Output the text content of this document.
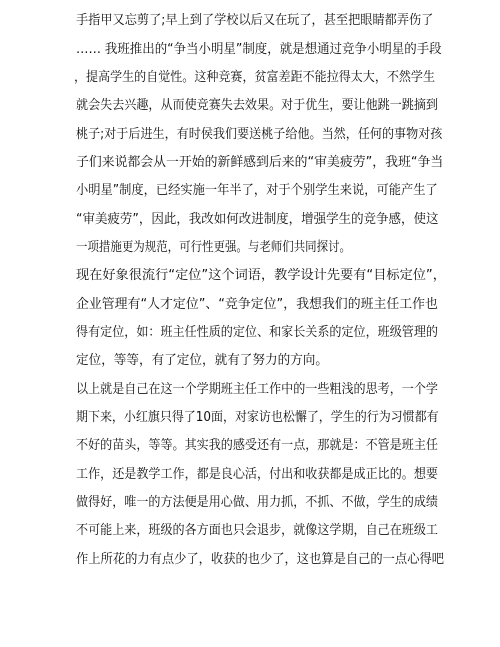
手指甲又忘剪了;早上到了学校以后又在玩了，甚至把眼睛都弄伤了
…… 我班推出的“争当小明星”制度，就是想通过竞争小明星的手段
，提高学生的自觉性。这种竞赛，贫富差距不能拉得太大，不然学生
就会失去兴趣，从而使竞赛失去效果。对于优生，要让他跳一跳摘到
桃子;对于后进生，有时侯我们要送桃子给他。当然，任何的事物对孩
子们来说都会从一开始的新鲜感到后来的“审美疲劳”，我班“争当
小明星”制度，已经实施一年半了，对于个别学生来说，可能产生了
“审美疲劳”，因此，我改如何改进制度，增强学生的竞争感，使这
一项措施更为规范，可行性更强。与老师们共同探讨。
现在好象很流行“定位”这个词语，教学设计先要有“目标定位”，
企业管理有“人才定位”、“竞争定位”，我想我们的班主任工作也
得有定位，如：班主任性质的定位、和家长关系的定位，班级管理的
定位，等等，有了定位，就有了努力的方向。
以上就是自己在这一个学期班主任工作中的一些粗浅的思考，一个学
期下来，小红旗只得了10面，对家访也松懈了，学生的行为习惯都有
不好的苗头，等等。其实我的感受还有一点，那就是：不管是班主任
工作，还是教学工作，都是良心活，付出和收获都是成正比的。想要
做得好，唯一的方法便是用心做、用力抓，不抓、不做，学生的成绩
不可能上来，班级的各方面也只会退步，就像这学期，自己在班级工
作上所花的力有点少了，收获的也少了，这也算是自己的一点心得吧
